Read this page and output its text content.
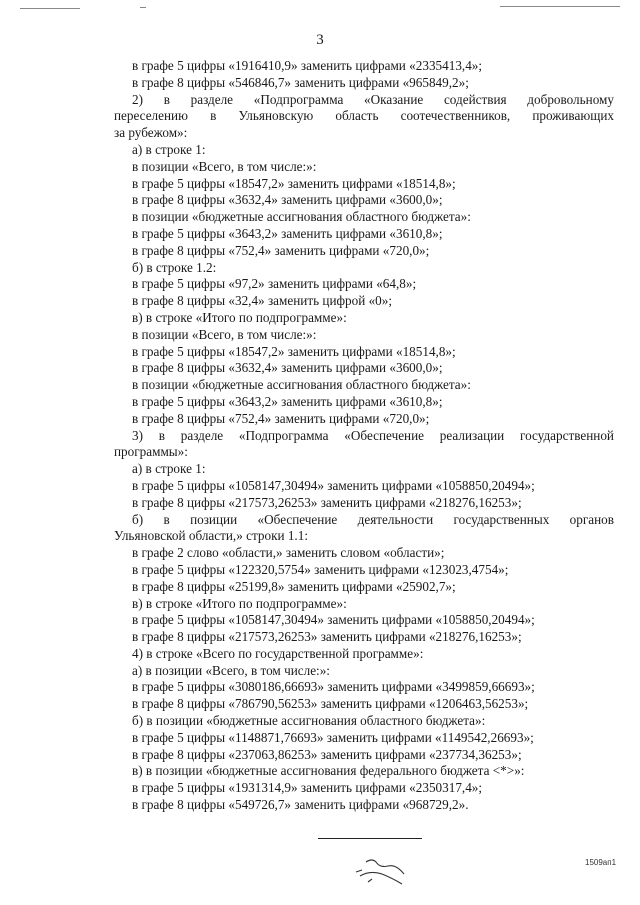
3
в графе 5 цифры «1916410,9» заменить цифрами «2335413,4»;
в графе 8 цифры «546846,7» заменить цифрами «965849,2»;
2) в разделе «Подпрограмма «Оказание содействия добровольному
переселению в Ульяновскую область соотечественников, проживающих
за рубежом»:
а) в строке 1:
в позиции «Всего, в том числе:»:
в графе 5 цифры «18547,2» заменить цифрами «18514,8»;
в графе 8 цифры «3632,4» заменить цифрами «3600,0»;
в позиции «бюджетные ассигнования областного бюджета»:
в графе 5 цифры «3643,2» заменить цифрами «3610,8»;
в графе 8 цифры «752,4» заменить цифрами «720,0»;
б) в строке 1.2:
в графе 5 цифры «97,2» заменить цифрами «64,8»;
в графе 8 цифры «32,4» заменить цифрой «0»;
в) в строке «Итого по подпрограмме»:
в позиции «Всего, в том числе:»:
в графе 5 цифры «18547,2» заменить цифрами «18514,8»;
в графе 8 цифры «3632,4» заменить цифрами «3600,0»;
в позиции «бюджетные ассигнования областного бюджета»:
в графе 5 цифры «3643,2» заменить цифрами «3610,8»;
в графе 8 цифры «752,4» заменить цифрами «720,0»;
3) в разделе «Подпрограмма «Обеспечение реализации государственной
программы»:
а) в строке 1:
в графе 5 цифры «1058147,30494» заменить цифрами «1058850,20494»;
в графе 8 цифры «217573,26253» заменить цифрами «218276,16253»;
б) в позиции «Обеспечение деятельности государственных органов
Ульяновской области,» строки 1.1:
в графе 2 слово «области,» заменить словом «области»;
в графе 5 цифры «122320,5754» заменить цифрами «123023,4754»;
в графе 8 цифры «25199,8» заменить цифрами «25902,7»;
в) в строке «Итого по подпрограмме»:
в графе 5 цифры «1058147,30494» заменить цифрами «1058850,20494»;
в графе 8 цифры «217573,26253» заменить цифрами «218276,16253»;
4) в строке «Всего по государственной программе»:
а) в позиции «Всего, в том числе:»:
в графе 5 цифры «3080186,66693» заменить цифрами «3499859,66693»;
в графе 8 цифры «786790,56253» заменить цифрами «1206463,56253»;
б) в позиции «бюджетные ассигнования областного бюджета»:
в графе 5 цифры «1148871,76693» заменить цифрами «1149542,26693»;
в графе 8 цифры «237063,86253» заменить цифрами «237734,36253»;
в) в позиции «бюджетные ассигнования федерального бюджета <*>»:
в графе 5 цифры «1931314,9» заменить цифрами «2350317,4»;
в графе 8 цифры «549726,7» заменить цифрами «968729,2».
1509ап1
